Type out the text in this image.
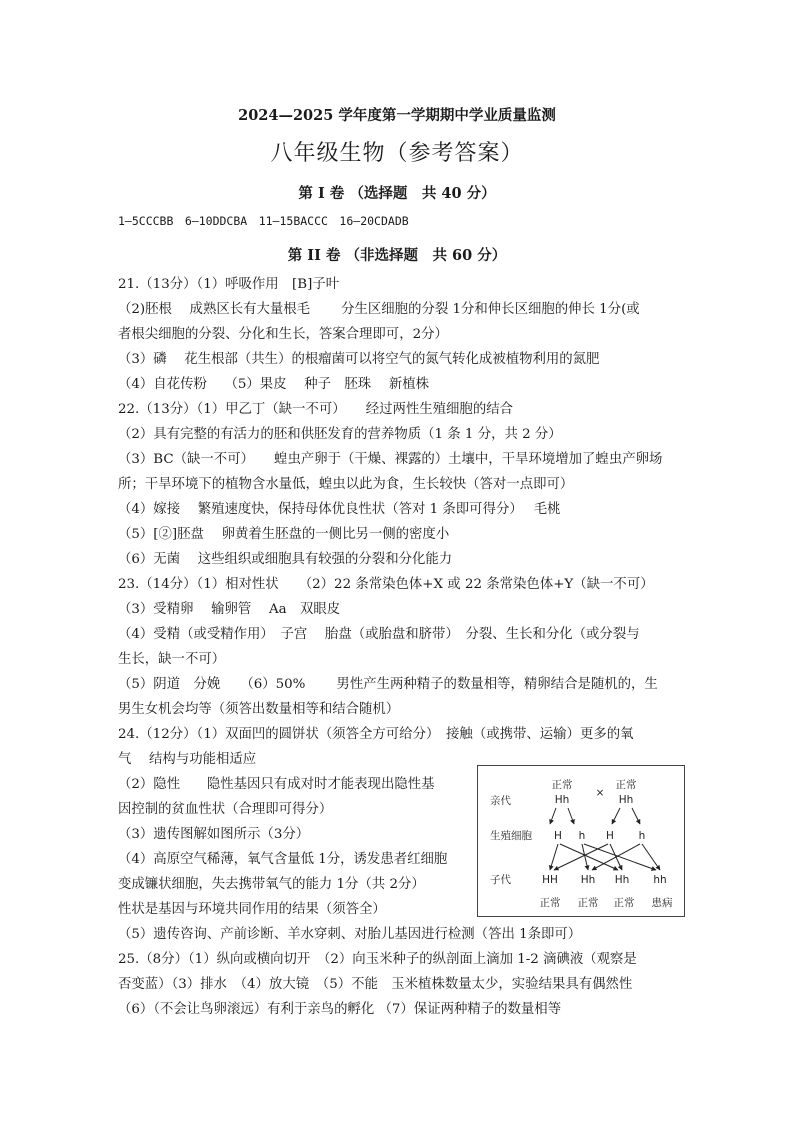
2024—2025 学年度第一学期期中学业质量监测
八年级生物（参考答案）
第 I 卷 （选择题　共 40 分）
1—5CCCBB　6—10DDCBA　11—15BACCC　16—20CDADB
第 II 卷 （非选择题　共 60 分）
21.（13分）（1）呼吸作用　[B]子叶
（2)胚根　 成熟区长有大量根毛　　 分生区细胞的分裂 1分和伸长区细胞的伸长 1分(或
者根尖细胞的分裂、分化和生长，答案合理即可，2分）
（3）磷　 花生根部（共生）的根瘤菌可以将空气的氮气转化成被植物利用的氮肥
（4）自花传粉　 （5）果皮　 种子　胚珠　 新植株
22.（13分）（1）甲乙丁（缺一不可）　　经过两性生殖细胞的结合
（2）具有完整的有活力的胚和供胚发育的营养物质（1 条 1 分，共 2 分）
（3）BC（缺一不可）　　蝗虫产卵于（干燥、裸露的）土壤中，干旱环境增加了蝗虫产卵场
所；干旱环境下的植物含水量低，蝗虫以此为食，生长较快（答对一点即可）
（4）嫁接　 繁殖速度快，保持母体优良性状（答对 1 条即可得分）　 毛桃
（5）[②]胚盘　 卵黄着生胚盘的一侧比另一侧的密度小
（6）无菌　 这些组织或细胞具有较强的分裂和分化能力
23.（14分）（1）相对性状　　（2）22 条常染色体+X 或 22 条常染色体+Y（缺一不可）
（3）受精卵　 输卵管　 Aa　双眼皮
（4）受精（或受精作用）　子宫　 胎盘（或胎盘和脐带）　分裂、生长和分化（或分裂与
生长，缺一不可）
（5）阴道　分娩　　（6）50%　　 男性产生两种精子的数量相等，精卵结合是随机的，生
男生女机会均等（须答出数量相等和结合随机）
24.（12分）（1）双面凹的圆饼状（须答全方可给分）　接触（或携带、运输）更多的氧
气　 结构与功能相适应
（2）隐性　　隐性基因只有成对时才能表现出隐性基
因控制的贫血性状（合理即可得分）
（3）遗传图解如图所示（3分）
（4）高原空气稀薄，氧气含量低 1分，诱发患者红细胞
变成镰状细胞，失去携带氧气的能力 1分（共 2分）
性状是基因与环境共同作用的结果（须答全）
（5）遗传咨询、产前诊断、羊水穿刺、对胎儿基因进行检测（答出 1条即可）
25.（8分）（1）纵向或横向切开　（2）向玉米种子的纵剖面上滴加 1-2 滴碘液（观察是
否变蓝）（3）排水　（4）放大镜　（5）不能　玉米植株数量太少，实验结果具有偶然性
（6）（不会让鸟卵滚远）有利于亲鸟的孵化 （7）保证两种精子的数量相等
亲代
生殖细胞
子代
正常
Hh
×
正常
Hh
H h H h
HH Hh Hh hh
正常 正常 正常 患病
